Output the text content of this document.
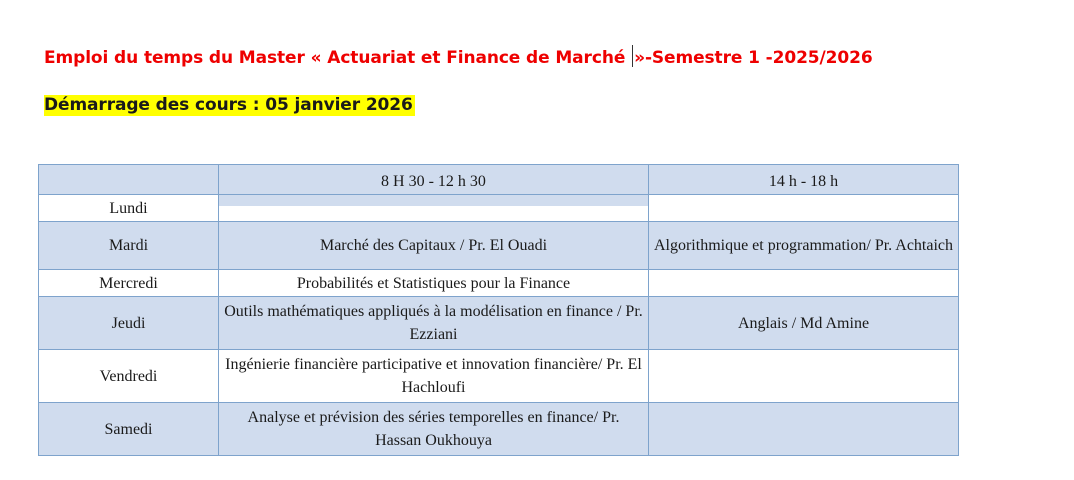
Emploi du temps du Master « Actuariat et Finance de Marché »-Semestre 1 -2025/2026

Démarrage des cours : 05 janvier 2026

	8 H 30 - 12 h 30	14 h - 18 h
Lundi	

Mardi	Marché des Capitaux / Pr. El Ouadi	Algorithmique et programmation/ Pr. Achtaich
Mercredi	Probabilités et Statistiques pour la Finance	
Jeudi	Outils mathématiques appliqués à la modélisation en finance / Pr. Ezziani	Anglais / Md Amine
Vendredi	Ingénierie financière participative et innovation financière/ Pr. El Hachloufi	
Samedi	Analyse et prévision des séries temporelles en finance/ Pr. Hassan Oukhouya	
